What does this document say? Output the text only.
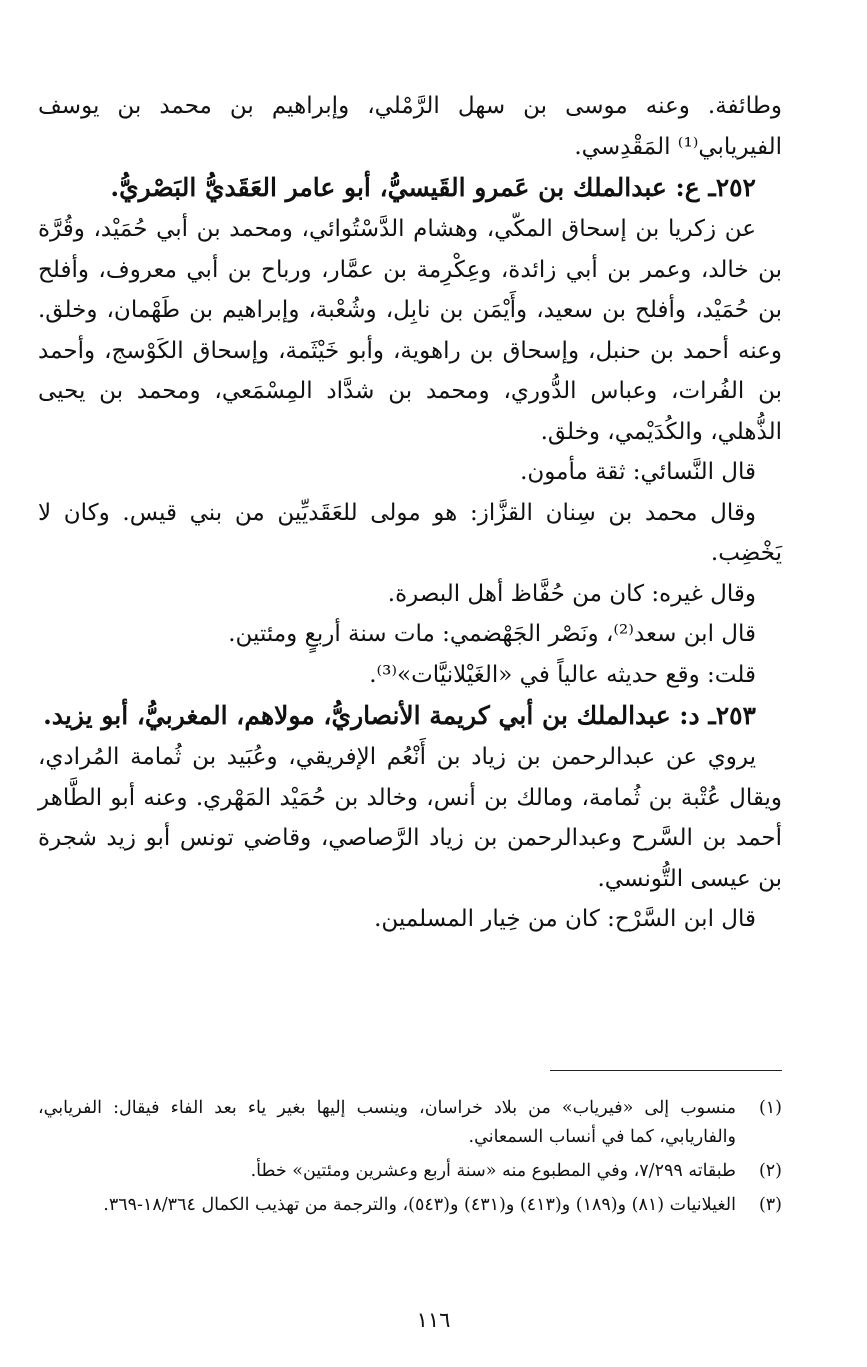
وطائفة. وعنه موسى بن سهل الرَّمْلي، وإبراهيم بن محمد بن يوسف الفيريابي⁽¹⁾ المَقْدِسي.

٢٥٢ـ ع: عبدالملك بن عَمرو القَيسيُّ، أبو عامر العَقَديُّ البَصْريُّ.

عن زكريا بن إسحاق المكّي، وهشام الدَّسْتُوائي، ومحمد بن أبي حُمَيْد، وقُرَّة بن خالد، وعمر بن أبي زائدة، وعِكْرِمة بن عمَّار، ورباح بن أبي معروف، وأفلح بن حُمَيْد، وأفلح بن سعيد، وأَيْمَن بن نابِل، وشُعْبة، وإبراهيم بن طَهْمان، وخلق. وعنه أحمد بن حنبل، وإسحاق بن راهوية، وأبو خَيْثَمة، وإسحاق الكَوْسج، وأحمد بن الفُرات، وعباس الدُّوري، ومحمد بن شدَّاد المِسْمَعي، ومحمد بن يحيى الذُّهلي، والكُدَيْمي، وخلق.

قال النَّسائي: ثقة مأمون.

وقال محمد بن سِنان القزَّاز: هو مولى للعَقَديِّين من بني قيس. وكان لا يَخْضِب.

وقال غيره: كان من حُفَّاظ أهل البصرة.

قال ابن سعد⁽²⁾، ونَصْر الجَهْضمي: مات سنة أربعٍ ومئتين.

قلت: وقع حديثه عالياً في «الغَيْلانيَّات»⁽³⁾.

٢٥٣ـ د: عبدالملك بن أبي كريمة الأنصاريُّ، مولاهم، المغربيُّ، أبو يزيد.

يروي عن عبدالرحمن بن زياد بن أَنْعُم الإفريقي، وعُبَيد بن ثُمامة المُرادي، ويقال عُتْبة بن ثُمامة، ومالك بن أنس، وخالد بن حُمَيْد المَهْري. وعنه أبو الطَّاهر أحمد بن السَّرح وعبدالرحمن بن زياد الرَّصاصي، وقاضي تونس أبو زيد شجرة بن عيسى التُّونسي.

قال ابن السَّرْح: كان من خِيار المسلمين.

(١)
منسوب إلى «فيرياب» من بلاد خراسان، وينسب إليها بغير ياء بعد الفاء فيقال: الفريابي، والفاريابي، كما في أنساب السمعاني.
(٢)
طبقاته ٧/٢٩٩، وفي المطبوع منه «سنة أربع وعشرين ومئتين» خطأ.
(٣)
الغيلانيات (٨١) و(١٨٩) و(٤١٣) و(٤٣١) و(٥٤٣)، والترجمة من تهذيب الكمال ١٨/٣٦٤-٣٦٩.
١١٦
